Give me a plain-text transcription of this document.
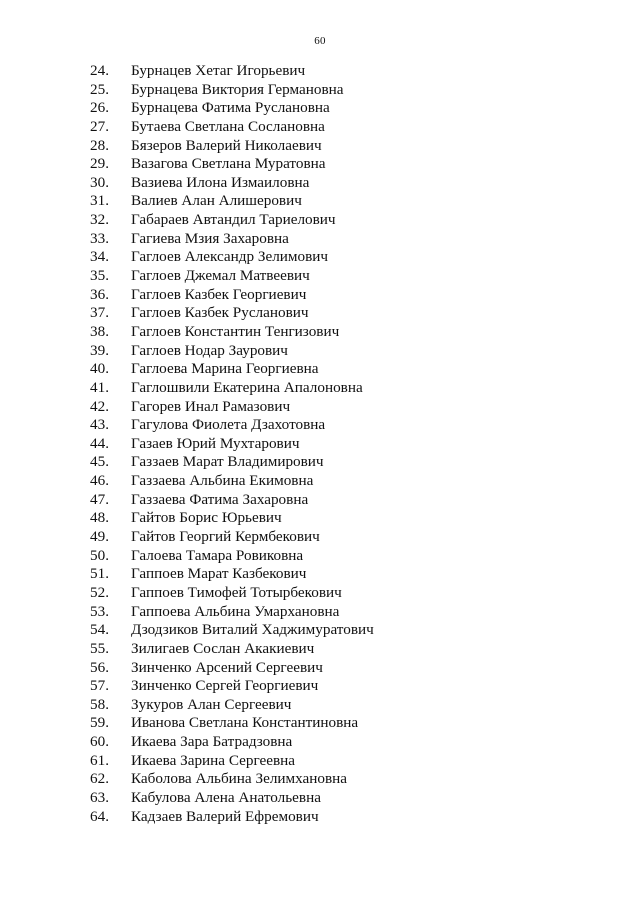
60
24.	Бурнацев Хетаг Игорьевич
25.	Бурнацева Виктория Германовна
26.	Бурнацева Фатима Руслановна
27.	Бутаева Светлана Сослановна
28.	Бязеров Валерий Николаевич
29.	Вазагова Светлана Муратовна
30.	Вазиева Илона Измаиловна
31.	Валиев Алан Алишерович
32.	Габараев Автандил Тариелович
33.	Гагиева Мзия Захаровна
34.	Гаглоев Александр Зелимович
35.	Гаглоев Джемал Матвеевич
36.	Гаглоев Казбек Георгиевич
37.	Гаглоев Казбек Русланович
38.	Гаглоев Константин Тенгизович
39.	Гаглоев Нодар Заурович
40.	Гаглоева Марина Георгиевна
41.	Гаглошвили Екатерина Апалоновна
42.	Гагорев Инал Рамазович
43.	Гагулова Фиолета Дзахотовна
44.	Газаев Юрий Мухтарович
45.	Газзаев Марат Владимирович
46.	Газзаева Альбина Екимовна
47.	Газзаева Фатима Захаровна
48.	Гайтов Борис Юрьевич
49.	Гайтов Георгий Кермбекович
50.	Галоева Тамара Ровиковна
51.	Гаппоев Марат Казбекович
52.	Гаппоев Тимофей Тотырбекович
53.	Гаппоева Альбина Умархановна
54.	Дзодзиков Виталий Хаджимуратович
55.	Зилигаев Сослан Акакиевич
56.	Зинченко Арсений Сергеевич
57.	Зинченко Сергей Георгиевич
58.	Зукуров Алан Сергеевич
59.	Иванова Светлана Константиновна
60.	Икаева Зара Батрадзовна
61.	Икаева Зарина Сергеевна
62.	Каболова Альбина Зелимхановна
63.	Кабулова Алена Анатольевна
64.	Кадзаев Валерий Ефремович
